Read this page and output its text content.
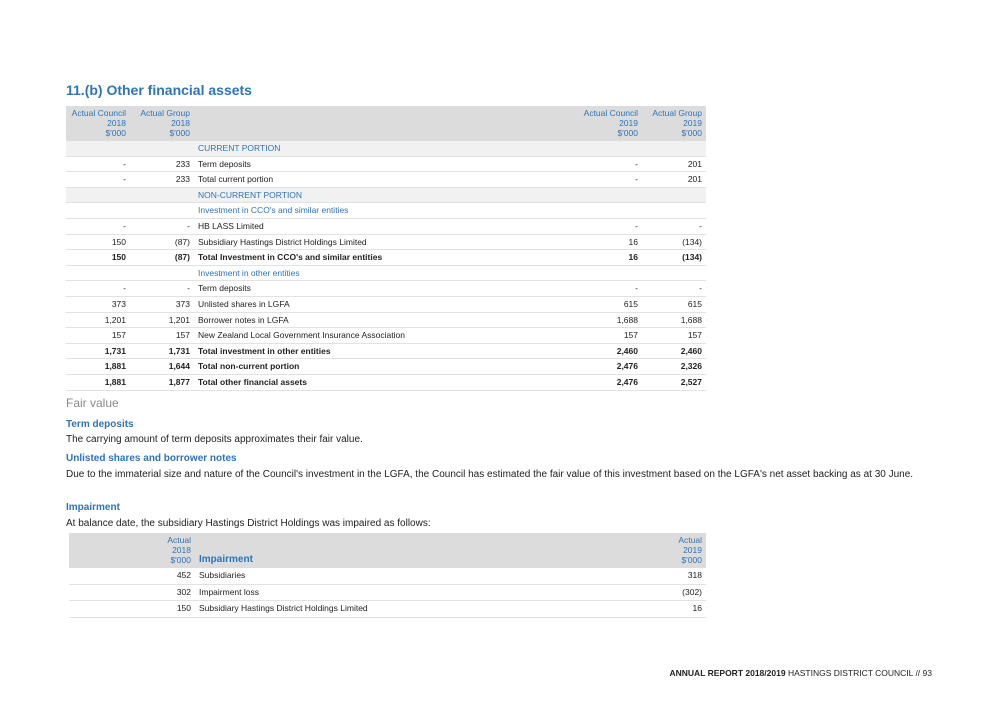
11.(b) Other financial assets
Actual Council
2018
$'000	Actual Group
2018
$'000		Actual Council
2019
$'000	Actual Group
2019
$'000
		CURRENT PORTION		
-	233	Term deposits	-	201
-	233	Total current portion	-	201
		NON-CURRENT PORTION		
		Investment in CCO's and similar entities		
-	-	HB LASS Limited	-	-
150	(87)	Subsidiary Hastings District Holdings Limited	16	(134)
150	(87)	Total Investment in CCO's and similar entities	16	(134)
		Investment in other entities		
-	-	Term deposits	-	-
373	373	Unlisted shares in LGFA	615	615
1,201	1,201	Borrower notes in LGFA	1,688	1,688
157	157	New Zealand Local Government Insurance Association	157	157
1,731	1,731	Total investment in other entities	2,460	2,460
1,881	1,644	Total non-current portion	2,476	2,326
1,881	1,877	Total other financial assets	2,476	2,527
Fair value
Term deposits
The carrying amount of term deposits approximates their fair value.
Unlisted shares and borrower notes
Due to the immaterial size and nature of the Council's investment in the LGFA, the Council has estimated the fair value of this investment based on the LGFA's net asset backing as at 30 June.
Impairment
At balance date, the subsidiary Hastings District Holdings was impaired as follows:
Actual
2018
$'000	Impairment		Actual
2019
$'000
452	Subsidiaries		318
302	Impairment loss		(302)
150	Subsidiary Hastings District Holdings Limited		16
ANNUAL REPORT 2018/2019 HASTINGS DISTRICT COUNCIL // 93
